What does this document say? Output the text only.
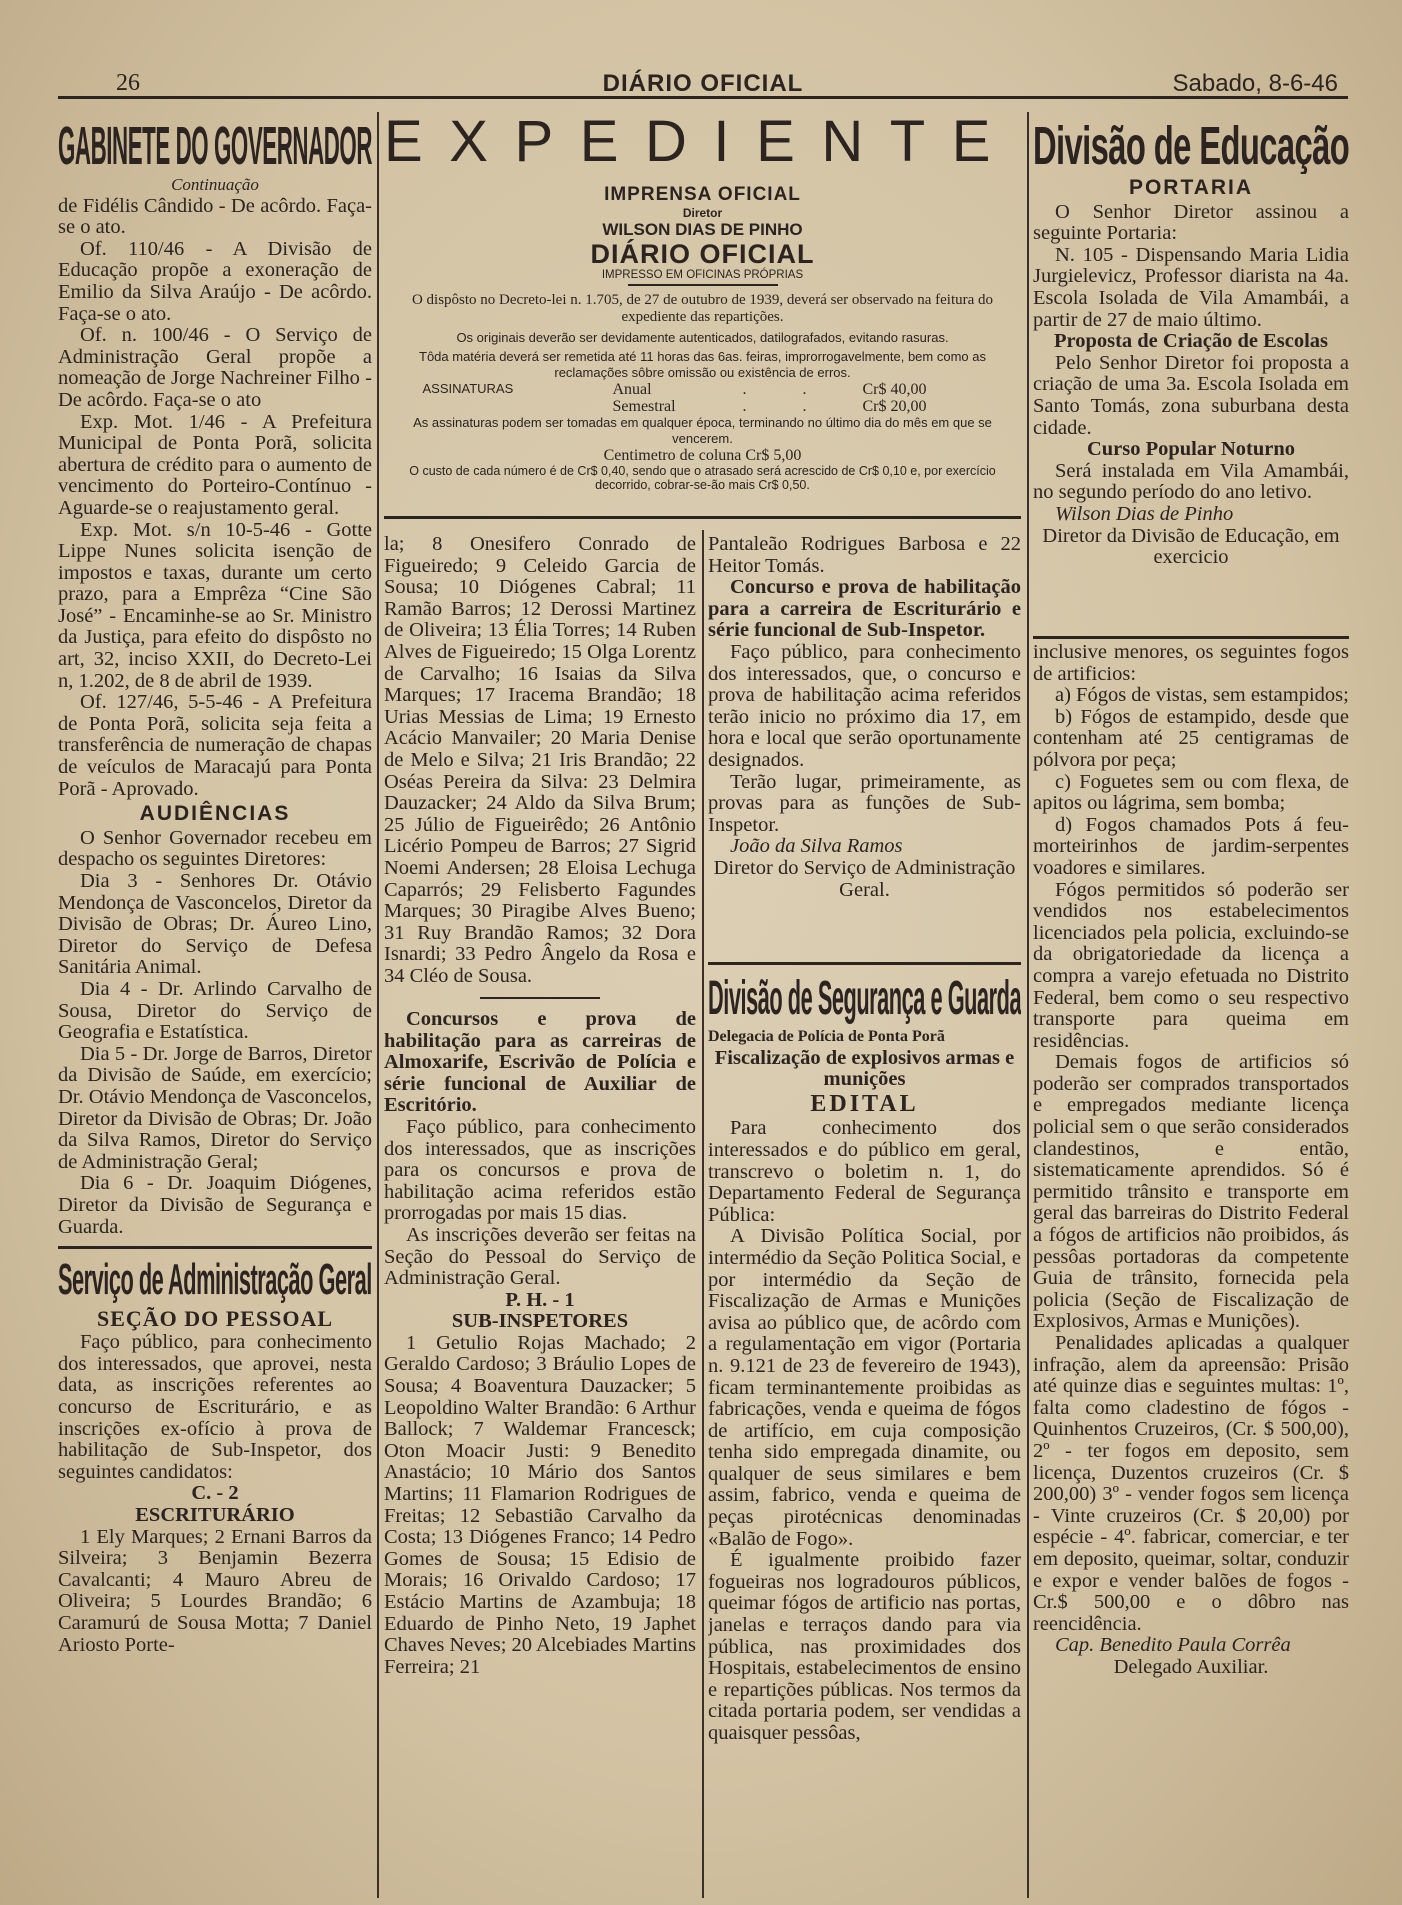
26	DIÁRIO OFICIAL	Sabado, 8-6-46
EXPEDIENTE
IMPRENSA OFICIAL
Diretor
WILSON DIAS DE PINHO
DIÁRIO OFICIAL
IMPRESSO EM OFICINAS PRÓPRIAS
O dispôsto no Decreto-lei n. 1.705, de 27 de outubro de 1939, deverá ser observado na feitura do expediente das repartições.
Os originais deverão ser devidamente autenticados, datilografados, evitando rasuras.
Tôda matéria deverá ser remetida até 11 horas das 6as. feiras, improrrogavelmente, bem como as reclamações sôbre omissão ou existência de erros.
ASSINATURAS	Anual	.	.	Cr$ 40,00
Semestral	.	.	Cr$ 20,00
As assinaturas podem ser tomadas em qualquer época, terminando no último dia do mês em que se vencerem.
Centimetro de coluna Cr$ 5,00
O custo de cada número é de Cr$ 0,40, sendo que o atrasado será acrescido de Cr$ 0,10 e, por exercício decorrido, cobrar-se-ão mais Cr$ 0,50.
GABINETE DO GOVERNADOR
Continuação

de Fidélis Cândido - De acôrdo. Faça-se o ato.

Of. 110/46 - A Divisão de Educação propõe a exoneração de Emilio da Silva Araújo - De acôrdo. Faça-se o ato.

Of. n. 100/46 - O Serviço de Administração Geral propõe a nomeação de Jorge Nachreiner Filho - De acôrdo. Faça-se o ato

Exp. Mot. 1/46 - A Prefeitura Municipal de Ponta Porã, solicita abertura de crédito para o aumento de vencimento do Porteiro-Contínuo - Aguarde-se o reajustamento geral.

Exp. Mot. s/n 10-5-46 - Gotte Lippe Nunes solicita isenção de impostos e taxas, durante um certo prazo, para a Emprêza “Cine São José” - Encaminhe-se ao Sr. Ministro da Justiça, para efeito do dispôsto no art, 32, inciso XXII, do Decreto-Lei n, 1.202, de 8 de abril de 1939.

Of. 127/46, 5-5-46 - A Prefeitura de Ponta Porã, solicita seja feita a transferência de numeração de chapas de veículos de Maracajú para Ponta Porã - Aprovado.

AUDIÊNCIAS

O Senhor Governador recebeu em despacho os seguintes Diretores:

Dia 3 - Senhores Dr. Otávio Mendonça de Vasconcelos, Diretor da Divisão de Obras; Dr. Áureo Lino, Diretor do Serviço de Defesa Sanitária Animal.

Dia 4 - Dr. Arlindo Carvalho de Sousa, Diretor do Serviço de Geografia e Estatística.

Dia 5 - Dr. Jorge de Barros, Diretor da Divisão de Saúde, em exercício; Dr. Otávio Mendonça de Vasconcelos, Diretor da Divisão de Obras; Dr. João da Silva Ramos, Diretor do Serviço de Administração Geral;

Dia 6 - Dr. Joaquim Diógenes, Diretor da Divisão de Segurança e Guarda.

Serviço de Administração Geral
SEÇÃO DO PESSOAL

Faço público, para conhecimento dos interessados, que aprovei, nesta data, as inscrições referentes ao concurso de Escriturário, e as inscrições ex-ofício à prova de habilitação de Sub-Inspetor, dos seguintes candidatos:

C. - 2

ESCRITURÁRIO

1 Ely Marques; 2 Ernani Barros da Silveira; 3 Benjamin Bezerra Cavalcanti; 4 Mauro Abreu de Oliveira; 5 Lourdes Brandão; 6 Caramurú de Sousa Motta; 7 Daniel Ariosto Porte-

la; 8 Onesifero Conrado de Figueiredo; 9 Celeido Garcia de Sousa; 10 Diógenes Cabral; 11 Ramão Barros; 12 Derossi Martinez de Oliveira; 13 Élia Torres; 14 Ruben Alves de Figueiredo; 15 Olga Lorentz de Carvalho; 16 Isaias da Silva Marques; 17 Iracema Brandão; 18 Urias Messias de Lima; 19 Ernesto Acácio Manvailer; 20 Maria Denise de Melo e Silva; 21 Iris Brandão; 22 Oséas Pereira da Silva: 23 Delmira Dauzacker; 24 Aldo da Silva Brum; 25 Júlio de Figueirêdo; 26 Antônio Licério Pompeu de Barros; 27 Sigrid Noemi Andersen; 28 Eloisa Lechuga Caparrós; 29 Felisberto Fagundes Marques; 30 Piragibe Alves Bueno; 31 Ruy Brandão Ramos; 32 Dora Isnardi; 33 Pedro Ângelo da Rosa e 34 Cléo de Sousa.

Concursos e prova de habilitação para as carreiras de Almoxarife, Escrivão de Polícia e série funcional de Auxiliar de Escritório.

Faço público, para conhecimento dos interessados, que as inscrições para os concursos e prova de habilitação acima referidos estão prorrogadas por mais 15 dias.

As inscrições deverão ser feitas na Seção do Pessoal do Serviço de Administração Geral.

P. H. - 1

SUB-INSPETORES

1 Getulio Rojas Machado; 2 Geraldo Cardoso; 3 Bráulio Lopes de Sousa; 4 Boaventura Dauzacker; 5 Leopoldino Walter Brandão: 6 Arthur Ballock; 7 Waldemar Francesck; Oton Moacir Justi: 9 Benedito Anastácio; 10 Mário dos Santos Martins; 11 Flamarion Rodrigues de Freitas; 12 Sebastião Carvalho da Costa; 13 Diógenes Franco; 14 Pedro Gomes de Sousa; 15 Edisio de Morais; 16 Orivaldo Cardoso; 17 Estácio Martins de Azambuja; 18 Eduardo de Pinho Neto, 19 Japhet Chaves Neves; 20 Alcebiades Martins Ferreira; 21

Pantaleão Rodrigues Barbosa e 22 Heitor Tomás.

Concurso e prova de habilitação para a carreira de Escriturário e série funcional de Sub-Inspetor.

Faço público, para conhecimento dos interessados, que, o concurso e prova de habilitação acima referidos terão inicio no próximo dia 17, em hora e local que serão oportunamente designados.

Terão lugar, primeiramente, as provas para as funções de Sub-Inspetor.

João da Silva Ramos

Diretor do Serviço de Administração Geral.

Divisão de Segurança e Guarda

Delegacia de Polícia de Ponta Porã

Fiscalização de explosivos armas e munições

EDITAL

Para conhecimento dos interessados e do público em geral, transcrevo o boletim n. 1, do Departamento Federal de Segurança Pública:

A Divisão Política Social, por intermédio da Seção Politica Social, e por intermédio da Seção de Fiscalização de Armas e Munições avisa ao público que, de acôrdo com a regulamentação em vigor (Portaria n. 9.121 de 23 de fevereiro de 1943), ficam terminantemente proibidas as fabricações, venda e queima de fógos de artifício, em cuja composição tenha sido empregada dinamite, ou qualquer de seus similares e bem assim, fabrico, venda e queima de peças pirotécnicas denominadas «Balão de Fogo».

É igualmente proibido fazer fogueiras nos logradouros públicos, queimar fógos de artificio nas portas, janelas e terraços dando para via pública, nas proximidades dos Hospitais, estabelecimentos de ensino e repartições públicas. Nos termos da citada portaria podem, ser vendidas a quaisquer pessôas,

Divisão de Educação
PORTARIA

O Senhor Diretor assinou a seguinte Portaria:

N. 105 - Dispensando Maria Lidia Jurgielevicz, Professor diarista na 4a. Escola Isolada de Vila Amambái, a partir de 27 de maio último.

Proposta de Criação de Escolas

Pelo Senhor Diretor foi proposta a criação de uma 3a. Escola Isolada em Santo Tomás, zona suburbana desta cidade.

Curso Popular Noturno

Será instalada em Vila Amambái, no segundo período do ano letivo.

Wilson Dias de Pinho

Diretor da Divisão de Educação, em exercicio

inclusive menores, os seguintes fogos de artificios:

a) Fógos de vistas, sem estampidos;

b) Fógos de estampido, desde que contenham até 25 centigramas de pólvora por peça;

c) Foguetes sem ou com flexa, de apitos ou lágrima, sem bomba;

d) Fogos chamados Pots á feu-morteirinhos de jardim-serpentes voadores e similares.

Fógos permitidos só poderão ser vendidos nos estabelecimentos licenciados pela policia, excluindo-se da obrigatoriedade da licença a compra a varejo efetuada no Distrito Federal, bem como o seu respectivo transporte para queima em residências.

Demais fogos de artificios só poderão ser comprados transportados e empregados mediante licença policial sem o que serão considerados clandestinos, e então, sistematicamente aprendidos. Só é permitido trânsito e transporte em geral das barreiras do Distrito Federal a fógos de artificios não proibidos, ás pessôas portadoras da competente Guia de trânsito, fornecida pela policia (Seção de Fiscalização de Explosivos, Armas e Munições).

Penalidades aplicadas a qualquer infração, alem da apreensão: Prisão até quinze dias e seguintes multas: 1º, falta como cladestino de fógos - Quinhentos Cruzeiros, (Cr. $ 500,00), 2º - ter fogos em deposito, sem licença, Duzentos cruzeiros (Cr. $ 200,00) 3º - vender fogos sem licença - Vinte cruzeiros (Cr. $ 20,00) por espécie - 4º. fabricar, comerciar, e ter em deposito, queimar, soltar, conduzir e expor e vender balões de fogos - Cr.$ 500,00 e o dôbro nas reencidência.

Cap. Benedito Paula Corrêa

Delegado Auxiliar.
